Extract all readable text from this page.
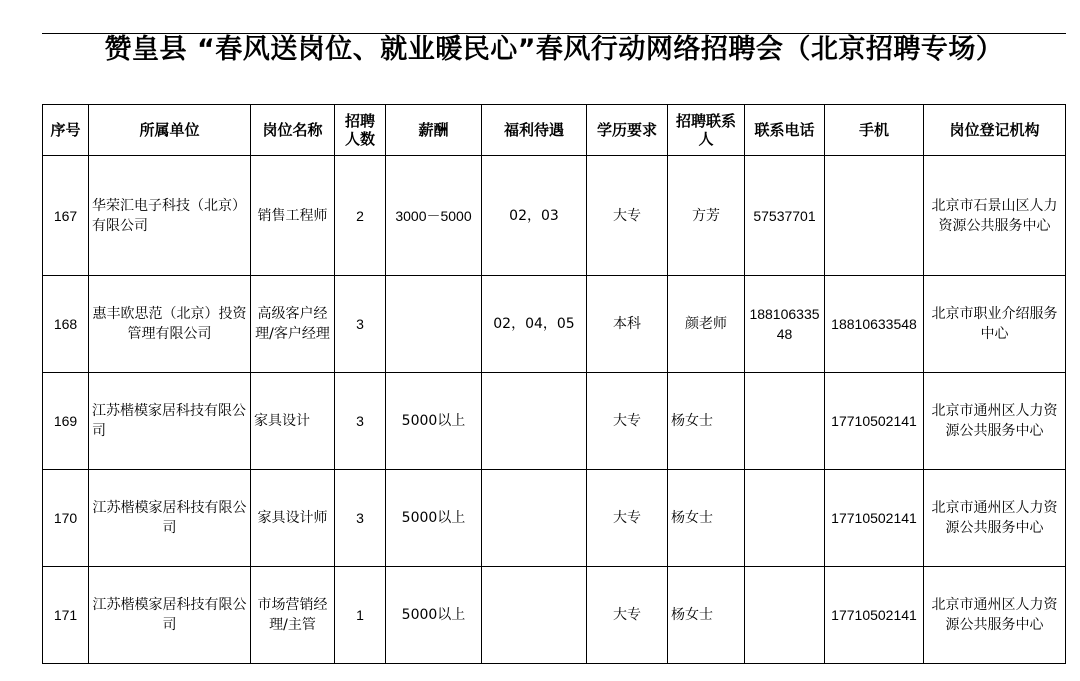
赞皇县 “春风送岗位、就业暖民心”春风行动网络招聘会（北京招聘专场）
序号	所属单位	岗位名称	招聘人数	薪酬	福利待遇	学历要求	招聘联系人	联系电话	手机	岗位登记机构
167	华荣汇电子科技（北京）有限公司	销售工程师	2	3000－5000	02，03	大专	方芳	57537701		北京市石景山区人力资源公共服务中心
168	惠丰欧思范（北京）投资管理有限公司	高级客户经理/客户经理	3		02，04，05	本科	颜老师	18810633548	18810633548	北京市职业介绍服务中心
169	江苏楷模家居科技有限公司	家具设计	3	5000以上		大专	杨女士		17710502141	北京市通州区人力资源公共服务中心
170	江苏楷模家居科技有限公司	家具设计师	3	5000以上		大专	杨女士		17710502141	北京市通州区人力资源公共服务中心
171	江苏楷模家居科技有限公司	市场营销经理/主管	1	5000以上		大专	杨女士		17710502141	北京市通州区人力资源公共服务中心
